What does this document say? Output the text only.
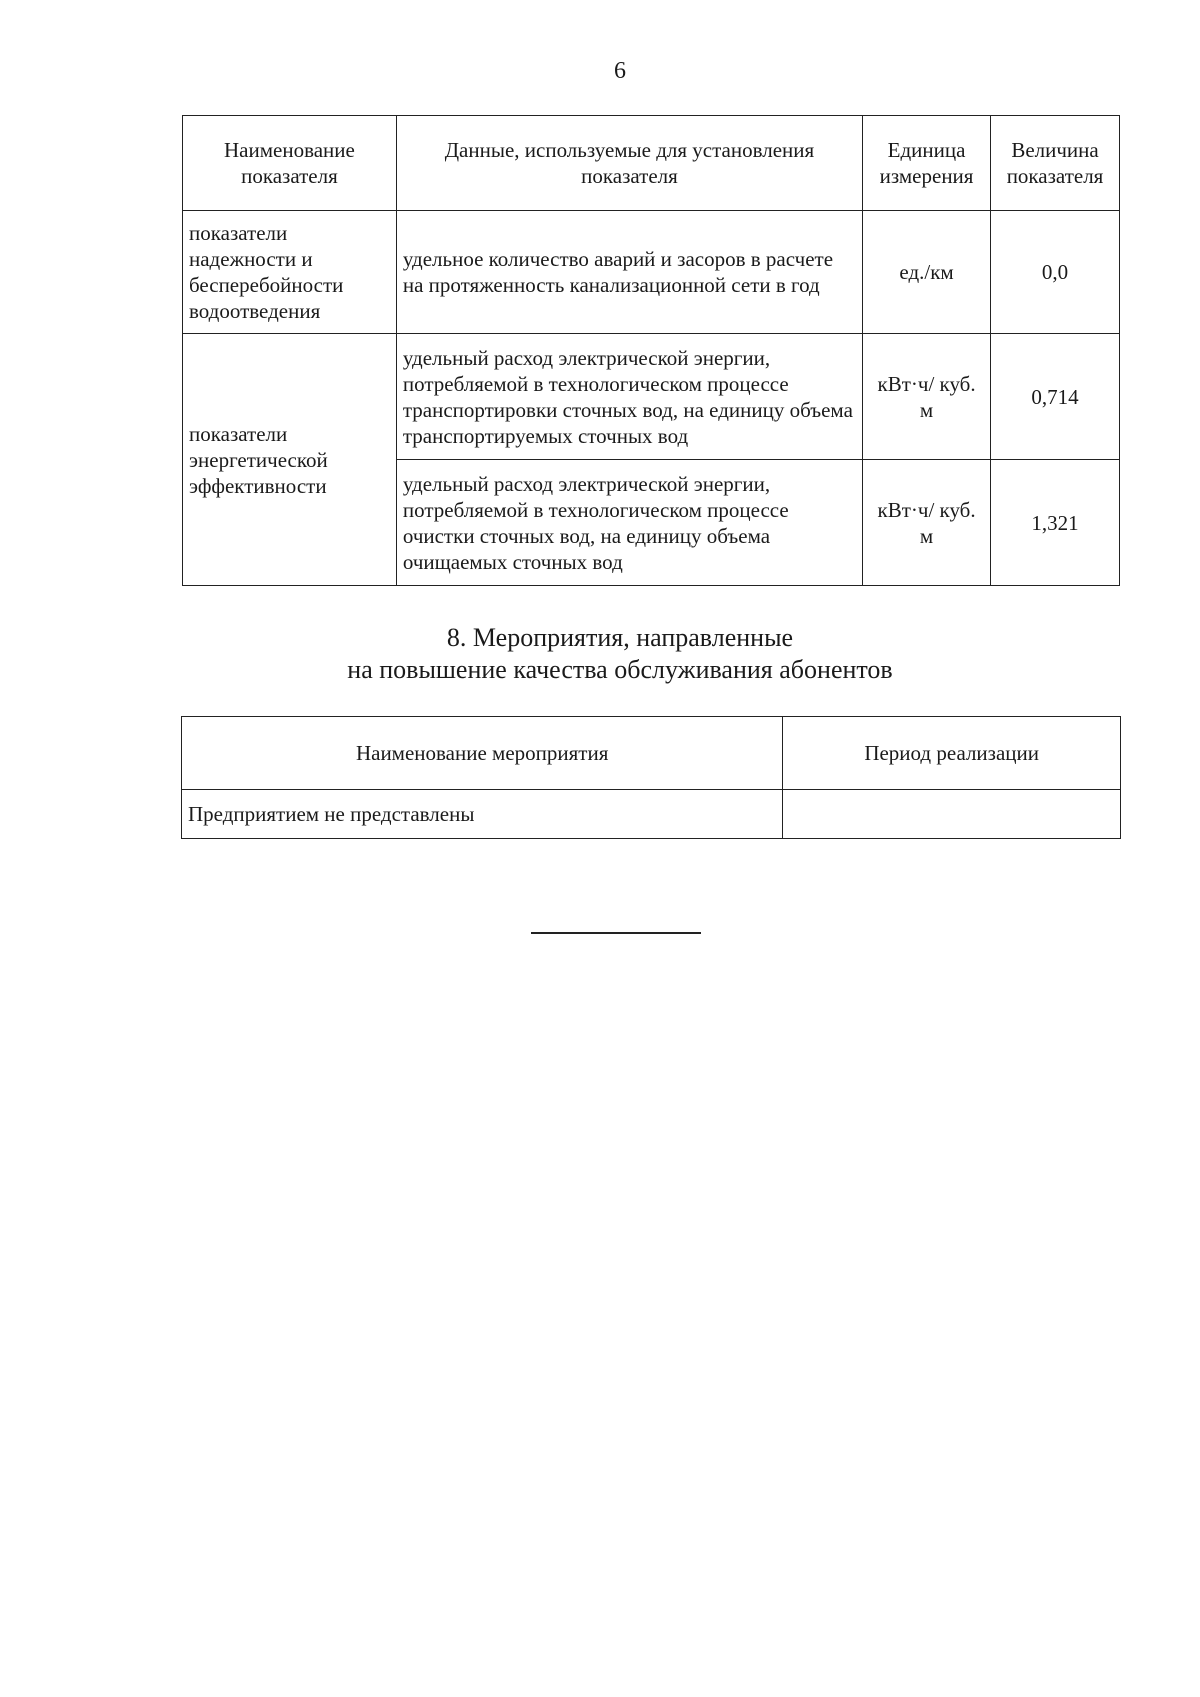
6
Наименование показателя	Данные, используемые для установления показателя	Единица измерения	Величина показателя
показатели надежности и бесперебойности водоотведения	удельное количество аварий и засоров в расчете на протяженность канализационной сети в год	ед./км	0,0
показатели энергетической эффективности	удельный расход электрической энергии, потребляемой в технологическом процессе транспортировки сточных вод, на единицу объема транспортируемых сточных вод	кВт·ч/ куб. м	0,714
	удельный расход электрической энергии, потребляемой в технологическом процессе очистки сточных вод, на единицу объема очищаемых сточных вод	кВт·ч/ куб. м	1,321
8. Мероприятия, направленные
на повышение качества обслуживания абонентов
Наименование мероприятия	Период реализации
Предприятием не представлены	
